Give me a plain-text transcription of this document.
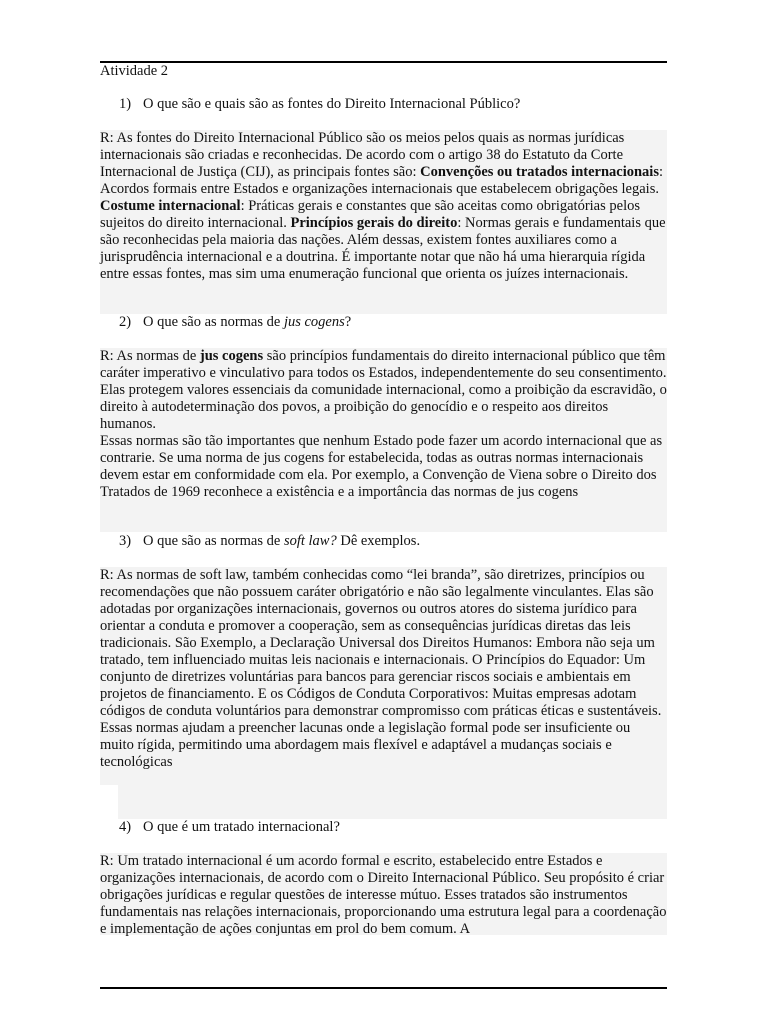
Atividade 2
1) O que são e quais são as fontes do Direito Internacional Público?

R: As fontes do Direito Internacional Público são os meios pelos quais as normas jurídicas internacionais são criadas e reconhecidas. De acordo com o artigo 38 do Estatuto da Corte Internacional de Justiça (CIJ), as principais fontes são: Convenções ou tratados internacionais: Acordos formais entre Estados e organizações internacionais que estabelecem obrigações legais. Costume internacional: Práticas gerais e constantes que são aceitas como obrigatórias pelos sujeitos do direito internacional. Princípios gerais do direito: Normas gerais e fundamentais que são reconhecidas pela maioria das nações. Além dessas, existem fontes auxiliares como a jurisprudência internacional e a doutrina. É importante notar que não há uma hierarquia rígida entre essas fontes, mas sim uma enumeração funcional que orienta os juízes internacionais.

2) O que são as normas de jus cogens?

R: As normas de jus cogens são princípios fundamentais do direito internacional público que têm caráter imperativo e vinculativo para todos os Estados, independentemente do seu consentimento. Elas protegem valores essenciais da comunidade internacional, como a proibição da escravidão, o direito à autodeterminação dos povos, a proibição do genocídio e o respeito aos direitos humanos.

Essas normas são tão importantes que nenhum Estado pode fazer um acordo internacional que as contrarie. Se uma norma de jus cogens for estabelecida, todas as outras normas internacionais devem estar em conformidade com ela. Por exemplo, a Convenção de Viena sobre o Direito dos Tratados de 1969 reconhece a existência e a importância das normas de jus cogens

3) O que são as normas de soft law? Dê exemplos.

R: As normas de soft law, também conhecidas como “lei branda”, são diretrizes, princípios ou recomendações que não possuem caráter obrigatório e não são legalmente vinculantes. Elas são adotadas por organizações internacionais, governos ou outros atores do sistema jurídico para orientar a conduta e promover a cooperação, sem as consequências jurídicas diretas das leis tradicionais. São Exemplo, a Declaração Universal dos Direitos Humanos: Embora não seja um tratado, tem influenciado muitas leis nacionais e internacionais. O Princípios do Equador: Um conjunto de diretrizes voluntárias para bancos para gerenciar riscos sociais e ambientais em projetos de financiamento. E os Códigos de Conduta Corporativos: Muitas empresas adotam códigos de conduta voluntários para demonstrar compromisso com práticas éticas e sustentáveis.

Essas normas ajudam a preencher lacunas onde a legislação formal pode ser insuficiente ou muito rígida, permitindo uma abordagem mais flexível e adaptável a mudanças sociais e tecnológicas

4) O que é um tratado internacional?

R: Um tratado internacional é um acordo formal e escrito, estabelecido entre Estados e organizações internacionais, de acordo com o Direito Internacional Público. Seu propósito é criar obrigações jurídicas e regular questões de interesse mútuo. Esses tratados são instrumentos fundamentais nas relações internacionais, proporcionando uma estrutura legal para a coordenação e implementação de ações conjuntas em prol do bem comum. A
